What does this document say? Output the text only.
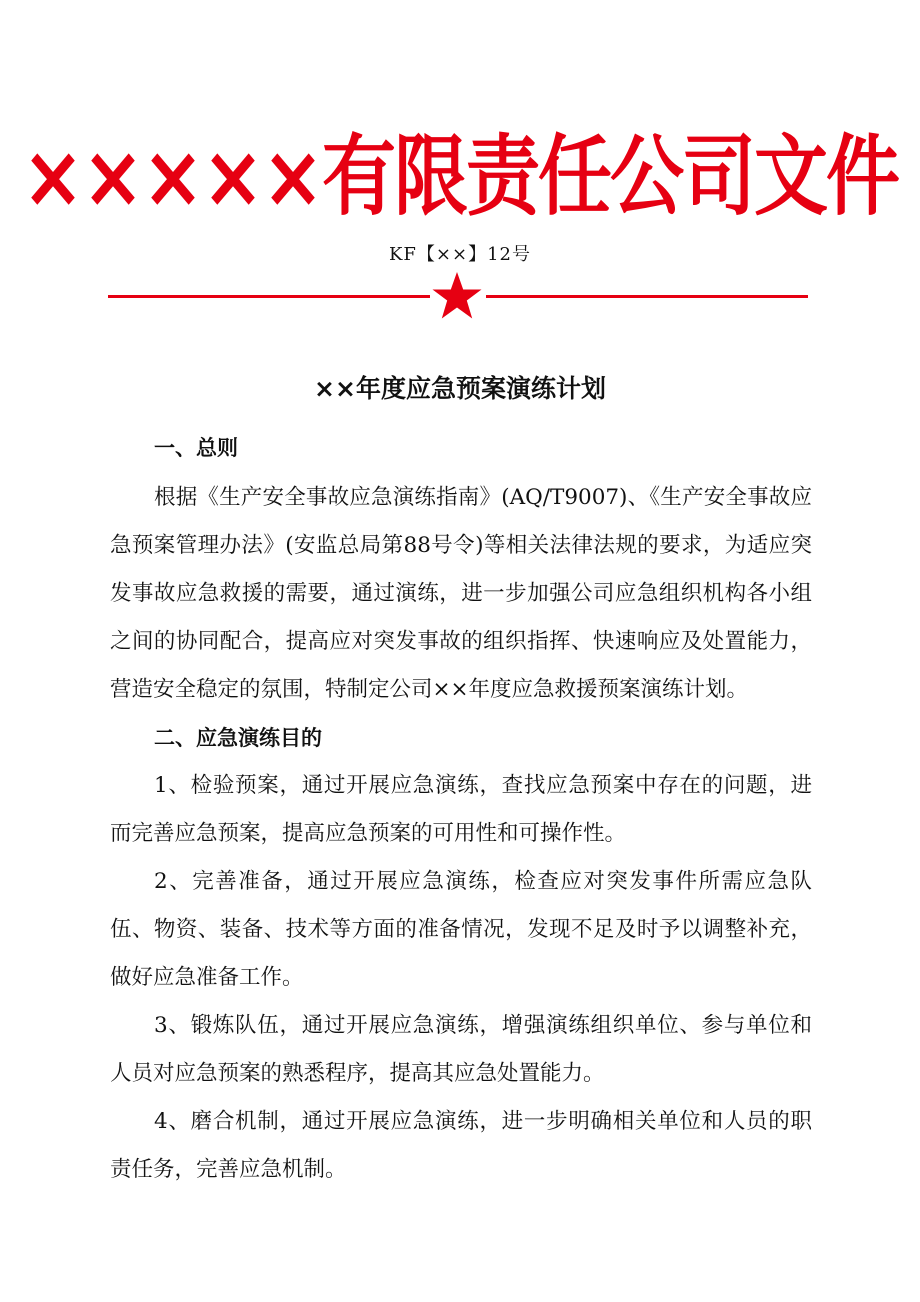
×××××有限责任公司文件
KF【××】12号
××年度应急预案演练计划
一、总则

根据《生产安全事故应急演练指南》(AQ/T9007)、《生产安全事故应急预案管理办法》(安监总局第88号令)等相关法律法规的要求，为适应突发事故应急救援的需要，通过演练，进一步加强公司应急组织机构各小组之间的协同配合，提高应对突发事故的组织指挥、快速响应及处置能力，营造安全稳定的氛围，特制定公司××年度应急救援预案演练计划。

二、应急演练目的

1、检验预案，通过开展应急演练，查找应急预案中存在的问题，进而完善应急预案，提高应急预案的可用性和可操作性。

2、完善准备，通过开展应急演练，检查应对突发事件所需应急队伍、物资、装备、技术等方面的准备情况，发现不足及时予以调整补充，做好应急准备工作。

3、锻炼队伍，通过开展应急演练，增强演练组织单位、参与单位和人员对应急预案的熟悉程序，提高其应急处置能力。

4、磨合机制，通过开展应急演练，进一步明确相关单位和人员的职责任务，完善应急机制。
